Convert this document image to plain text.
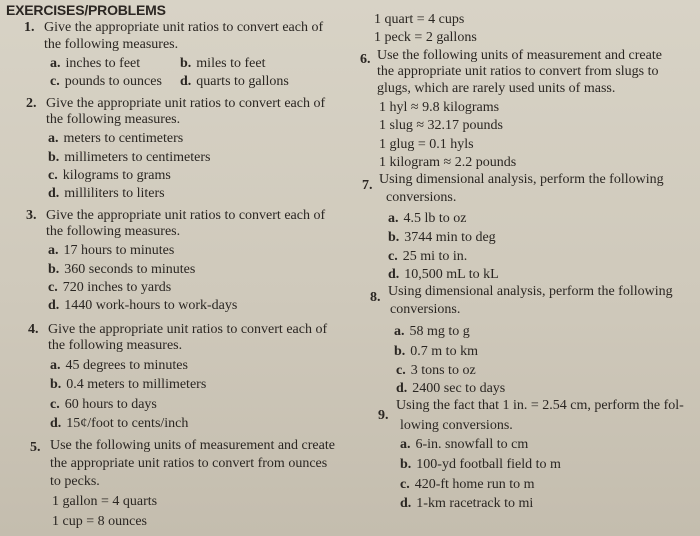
EXERCISES/PROBLEMS
1. Give the appropriate unit ratios to convert each of
the following measures.
a. inches to feet	b. miles to feet
c. pounds to ounces d. quarts to gallons
2. Give the appropriate unit ratios to convert each of
the following measures.
a. meters to centimeters
b. millimeters to centimeters
c. kilograms to grams
d. milliliters to liters
3. Give the appropriate unit ratios to convert each of
the following measures.
a. 17 hours to minutes
b. 360 seconds to minutes
c. 720 inches to yards
d. 1440 work-hours to work-days
4. Give the appropriate unit ratios to convert each of
the following measures.
a. 45 degrees to minutes
b. 0.4 meters to millimeters
c. 60 hours to days
d. 15¢/foot to cents/inch
5. Use the following units of measurement and create
the appropriate unit ratios to convert from ounces
to pecks.
1 gallon = 4 quarts
1 cup = 8 ounces
1 quart = 4 cups
1 peck = 2 gallons
6. Use the following units of measurement and create
the appropriate unit ratios to convert from slugs to
glugs, which are rarely used units of mass.
1 hyl ≈ 9.8 kilograms
1 slug ≈ 32.17 pounds
1 glug = 0.1 hyls
1 kilogram ≈ 2.2 pounds
7. Using dimensional analysis, perform the following
conversions.
a. 4.5 lb to oz
b. 3744 min to deg
c. 25 mi to in.
d. 10,500 mL to kL
8. Using dimensional analysis, perform the following
conversions.
a. 58 mg to g
b. 0.7 m to km
c. 3 tons to oz
d. 2400 sec to days
9.
Using the fact that 1 in. = 2.54 cm, perform the fol-
lowing conversions.
a. 6-in. snowfall to cm
b. 100-yd football field to m
c. 420-ft home run to m
d. 1-km racetrack to mi
